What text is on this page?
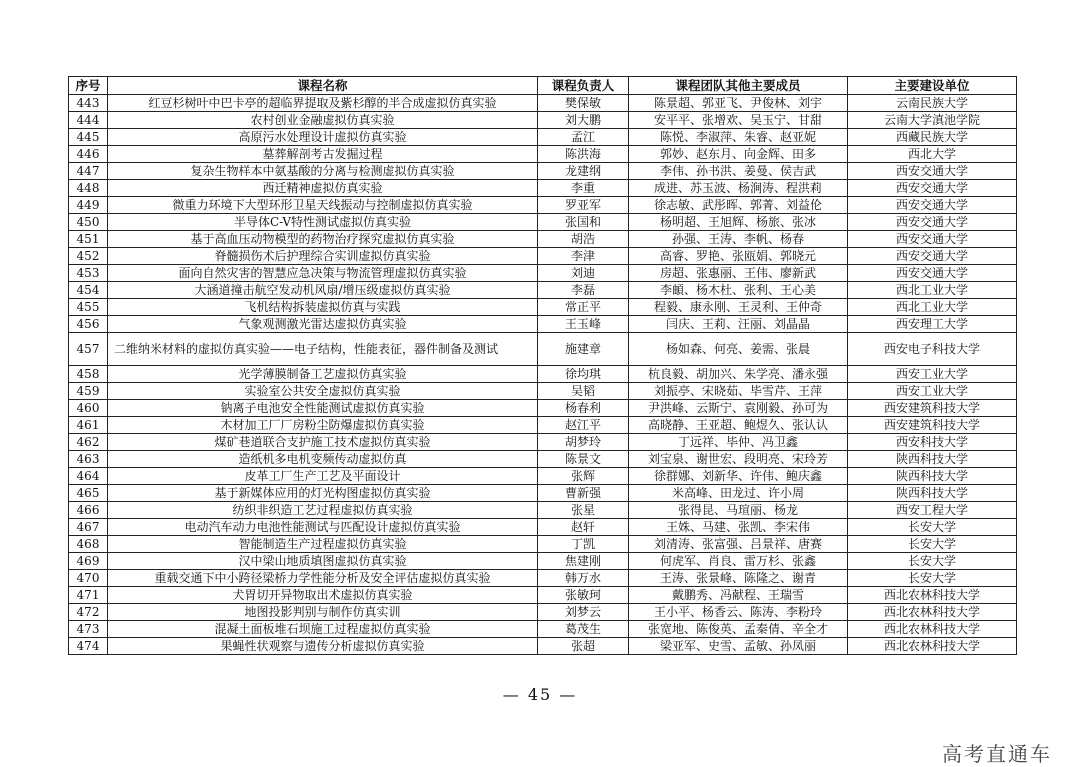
序号	课程名称	课程负责人	课程团队其他主要成员	主要建设单位
443	红豆杉树叶中巴卡亭的超临界提取及紫杉醇的半合成虚拟仿真实验	樊保敏	陈景超、郭亚飞、尹俊林、刘宇	云南民族大学
444	农村创业金融虚拟仿真实验	刘大鹏	安平平、张增欢、吴玉宁、甘甜	云南大学滇池学院
445	高原污水处理设计虚拟仿真实验	孟江	陈悦、李淑萍、朱睿、赵亚妮	西藏民族大学
446	墓葬解剖考古发掘过程	陈洪海	郭妙、赵东月、向金辉、田多	西北大学
447	复杂生物样本中氨基酸的分离与检测虚拟仿真实验	龙建纲	李伟、孙书洪、姜曼、侯吉武	西安交通大学
448	西迁精神虚拟仿真实验	李重	成进、苏玉波、杨涧涛、程洪莉	西安交通大学
449	微重力环境下大型环形卫星天线振动与控制虚拟仿真实验	罗亚军	徐志敏、武彤晖、郭菁、刘益伦	西安交通大学
450	半导体C-V特性测试虚拟仿真实验	张国和	杨明超、王旭辉、杨旅、张冰	西安交通大学
451	基于高血压动物模型的药物治疗探究虚拟仿真实验	胡浩	孙强、王涛、李帆、杨春	西安交通大学
452	脊髓损伤术后护理综合实训虚拟仿真实验	李津	高睿、罗艳、张瓯娟、郭晓元	西安交通大学
453	面向自然灾害的智慧应急决策与物流管理虚拟仿真实验	刘迪	房超、张惠丽、王伟、廖新武	西安交通大学
454	大涵道撞击航空发动机风扇/增压级虚拟仿真实验	李磊	李頔、杨木杜、张利、王心美	西北工业大学
455	飞机结构拆装虚拟仿真与实践	常正平	程毅、康永刚、王灵利、王仲奇	西北工业大学
456	气象观测激光雷达虚拟仿真实验	王玉峰	闫庆、王莉、汪丽、刘晶晶	西安理工大学
457	二维纳米材料的虚拟仿真实验——电子结构，性能表征，器件制备及测试	施建章	杨如森、何亮、姜需、张晨	西安电子科技大学
458	光学薄膜制备工艺虚拟仿真实验	徐均琪	杭良毅、胡加兴、朱学亮、潘永强	西安工业大学
459	实验室公共安全虚拟仿真实验	吴韬	刘振亭、宋晓茹、毕雪芹、王萍	西安工业大学
460	钠离子电池安全性能测试虚拟仿真实验	杨春利	尹洪峰、云斯宁、袁刚毅、孙可为	西安建筑科技大学
461	木材加工厂厂房粉尘防爆虚拟仿真实验	赵江平	高晓静、王亚超、鲍煜久、张认认	西安建筑科技大学
462	煤矿巷道联合支护施工技术虚拟仿真实验	胡梦玲	丁远祥、毕仲、冯卫鑫	西安科技大学
463	造纸机多电机变频传动虚拟仿真	陈景文	刘宝泉、谢世宏、段明亮、宋玲芳	陕西科技大学
464	皮革工厂生产工艺及平面设计	张辉	徐群娜、刘新华、许伟、鲍庆鑫	陕西科技大学
465	基于新媒体应用的灯光构图虚拟仿真实验	曹新强	米高峰、田龙过、许小周	陕西科技大学
466	纺织非织造工艺过程虚拟仿真实验	张星	张得昆、马瑄丽、杨龙	西安工程大学
467	电动汽车动力电池性能测试与匹配设计虚拟仿真实验	赵轩	王姝、马建、张凯、李宋伟	长安大学
468	智能制造生产过程虚拟仿真实验	丁凯	刘清涛、张富强、吕景祥、唐赛	长安大学
469	汉中梁山地质填图虚拟仿真实验	焦建刚	何虎军、肖良、雷万杉、张鑫	长安大学
470	重载交通下中小跨径梁桥力学性能分析及安全评估虚拟仿真实验	韩万水	王涛、张景峰、陈隆之、谢青	长安大学
471	犬胃切开异物取出术虚拟仿真实验	张敏珂	戴鹏秀、冯献程、王瑞雪	西北农林科技大学
472	地图投影判别与制作仿真实训	刘梦云	王小平、杨香云、陈涛、李粉玲	西北农林科技大学
473	混凝土面板堆石坝施工过程虚拟仿真实验	葛茂生	张宽地、陈俊英、孟秦倩、辛全才	西北农林科技大学
474	果蝇性状观察与遗传分析虚拟仿真实验	张超	梁亚军、史雪、孟敏、孙凤丽	西北农林科技大学
— 45 —
高考直通车
